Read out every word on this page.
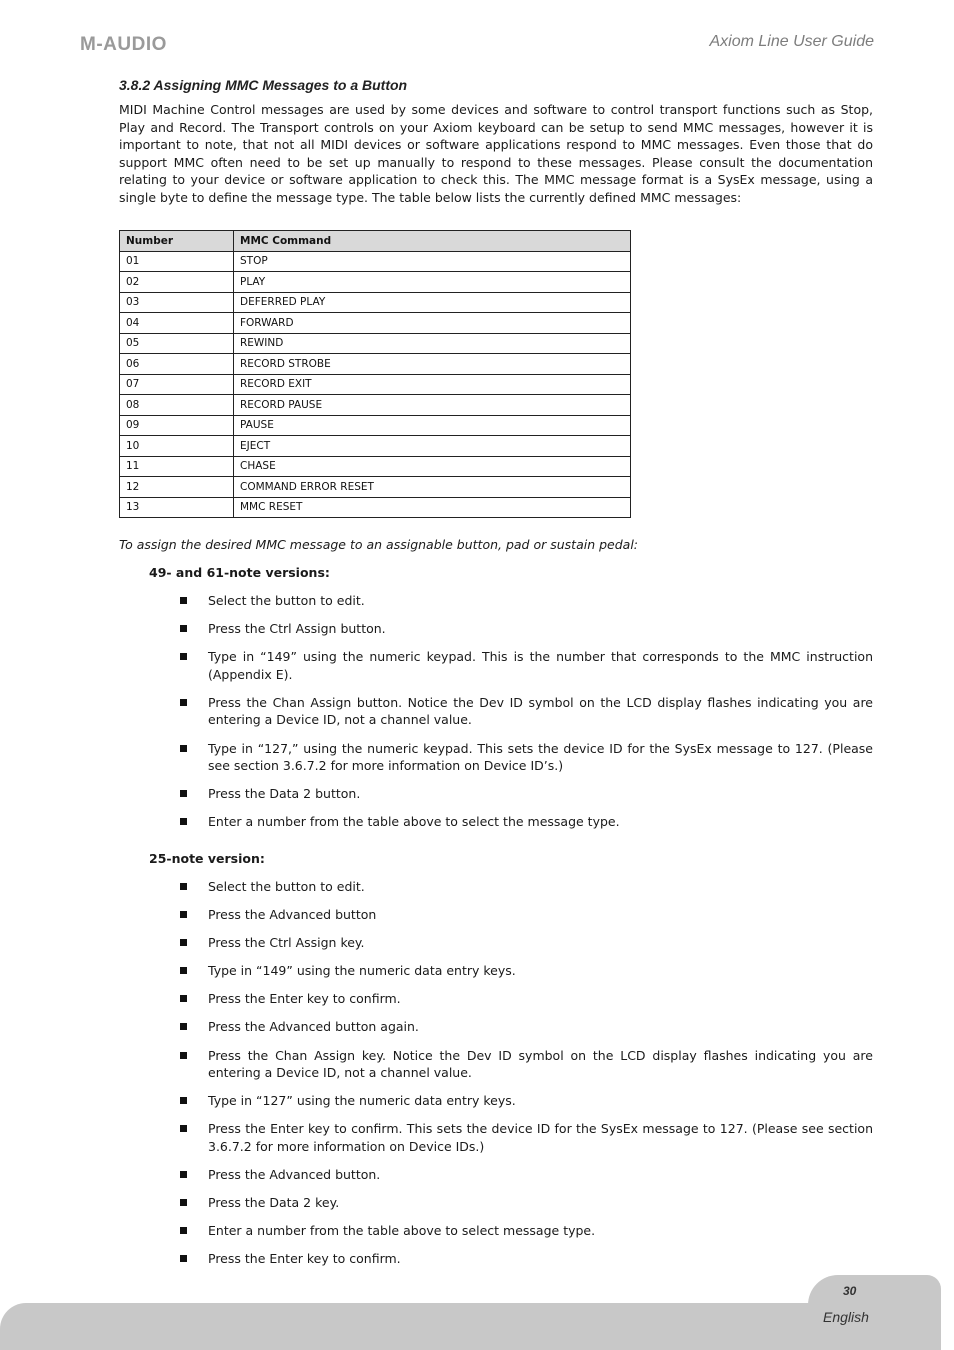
M-AUDIO	Axiom Line User Guide
3.8.2 Assigning MMC Messages to a Button

MIDI Machine Control messages are used by some devices and software to control transport functions such as Stop, Play and Record. The Transport controls on your Axiom keyboard can be setup to send MMC messages, however it is important to note, that not all MIDI devices or software applications respond to MMC messages. Even those that do support MMC often need to be set up manually to respond to these messages. Please consult the documentation relating to your device or software application to check this. The MMC message format is a SysEx message, using a single byte to define the message type. The table below lists the currently defined MMC messages:

Number	MMC Command
01	STOP
02	PLAY
03	DEFERRED PLAY
04	FORWARD
05	REWIND
06	RECORD STROBE
07	RECORD EXIT
08	RECORD PAUSE
09	PAUSE
10	EJECT
11	CHASE
12	COMMAND ERROR RESET
13	MMC RESET
To assign the desired MMC message to an assignable button, pad or sustain pedal:
49- and 61-note versions:
Select the button to edit.
Press the Ctrl Assign button.
Type in “149” using the numeric keypad. This is the number that corresponds to the MMC instruction (Appendix E).
Press the Chan Assign button. Notice the Dev ID symbol on the LCD display flashes indicating you are entering a Device ID, not a channel value.
Type in “127,” using the numeric keypad. This sets the device ID for the SysEx message to 127. (Please see section 3.6.7.2 for more information on Device ID’s.)
Press the Data 2 button.
Enter a number from the table above to select the message type.
25-note version:
Select the button to edit.
Press the Advanced button
Press the Ctrl Assign key.
Type in “149” using the numeric data entry keys.
Press the Enter key to confirm.
Press the Advanced button again.
Press the Chan Assign key. Notice the Dev ID symbol on the LCD display flashes indicating you are entering a Device ID, not a channel value.
Type in “127” using the numeric data entry keys.
Press the Enter key to confirm. This sets the device ID for the SysEx message to 127. (Please see section 3.6.7.2 for more information on Device IDs.)
Press the Advanced button.
Press the Data 2 key.
Enter a number from the table above to select message type.
Press the Enter key to confirm.
30
English
